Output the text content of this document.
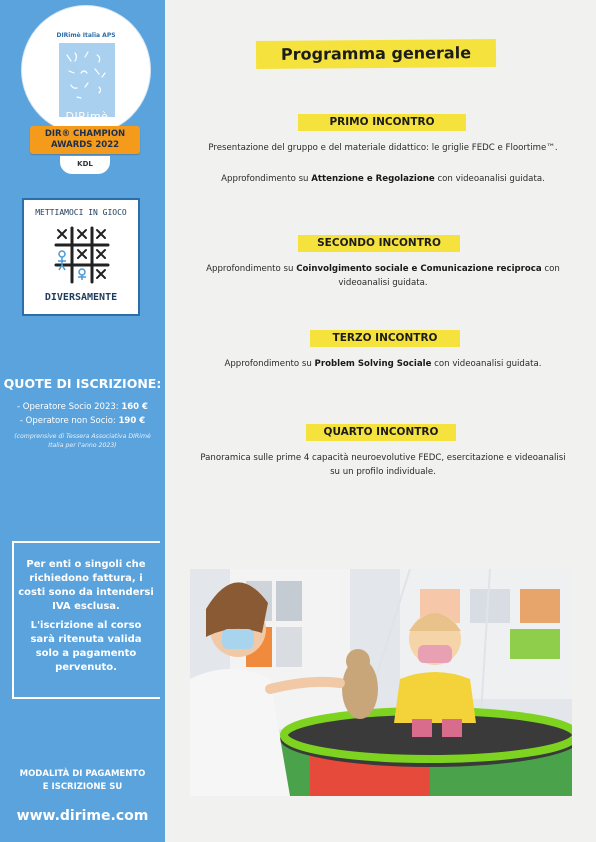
DIRimè Italia APS
DIRimè
DIR® CHAMPION
AWARDS 2022
KDL
METTIAMOCI IN GIOCO
DIVERSAMENTE
QUOTE DI ISCRIZIONE:
- Operatore Socio 2023: 160 €
- Operatore non Socio: 190 €
(comprensive di Tessera Associativa DIRimè Italia per l'anno 2023)
Per enti o singoli che richiedono fattura, i costi sono da intendersi IVA esclusa.
L'iscrizione al corso sarà ritenuta valida solo a pagamento pervenuto.
MODALITÀ DI PAGAMENTO
E ISCRIZIONE SU
www.dirime.com
Programma generale
PRIMO INCONTRO
Presentazione del gruppo e del materiale didattico: le griglie FEDC e Floortime™.
Approfondimento su Attenzione e Regolazione con videoanalisi guidata.
SECONDO INCONTRO
Approfondimento su Coinvolgimento sociale e Comunicazione reciproca con videoanalisi guidata.
TERZO INCONTRO
Approfondimento su Problem Solving Sociale con videoanalisi guidata.
QUARTO INCONTRO
Panoramica sulle prime 4 capacità neuroevolutive FEDC, esercitazione e videoanalisi su un profilo individuale.
